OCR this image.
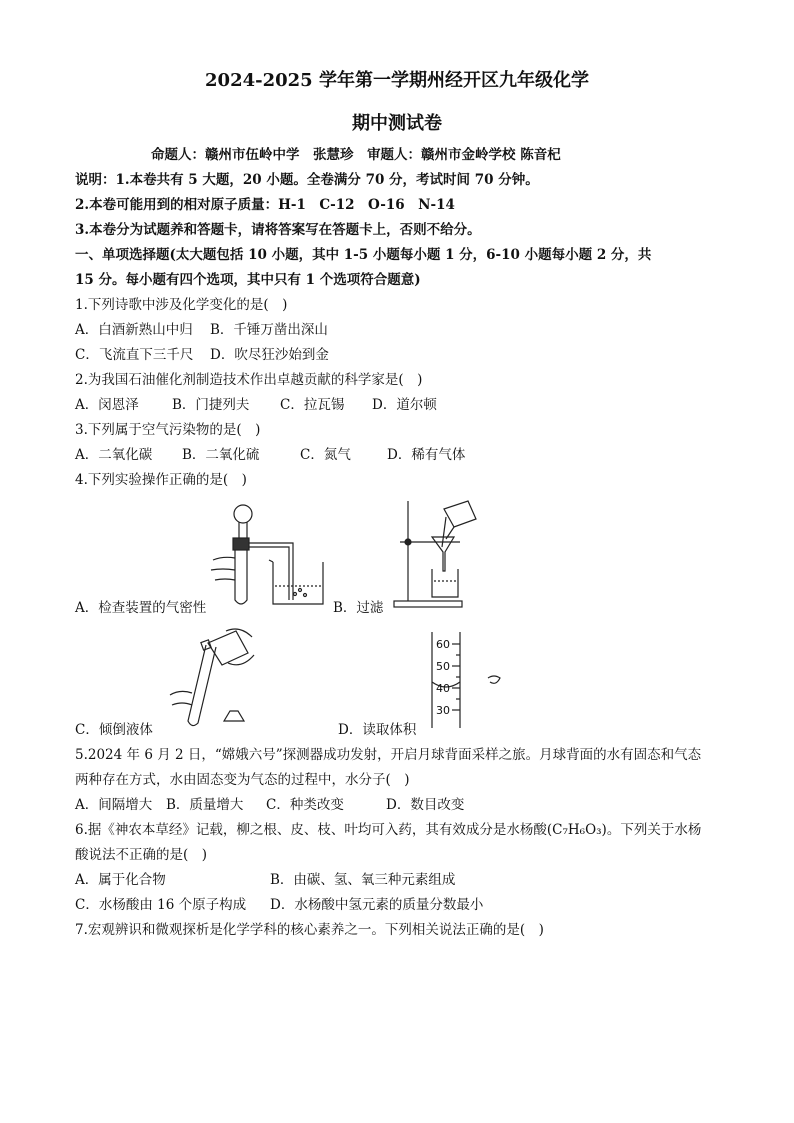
2024-2025 学年第一学期州经开区九年级化学
期中测试卷
命题人：赣州市伍岭中学　张慧珍　审题人：赣州市金岭学校 陈音杞
说明：1.本卷共有 5 大题，20 小题。全卷满分 70 分，考试时间 70 分钟。
2.本卷可能用到的相对原子质量：H-1　C-12　O-16　N-14
3.本卷分为试题养和答题卡，请将答案写在答题卡上，否则不给分。
一、单项选择题(太大题包括 10 小题，其中 1-5 小题每小题 1 分，6-10 小题每小题 2 分，共
15 分。每小题有四个选项，其中只有 1 个选项符合题意)
1.下列诗歌中涉及化学变化的是(　)
A．白酒新熟山中归 B．千锤万凿出深山
C．飞流直下三千尺 D．吹尽狂沙始到金
2.为我国石油催化剂制造技术作出卓越贡献的科学家是(　)
A．闵恩泽 B．门捷列夫 C．拉瓦锡 D．道尔顿
3.下列属于空气污染物的是(　)
A．二氧化碳 B．二氧化硫	C．氮气	D．稀有气体
4.下列实验操作正确的是(　)
A．检查装置的气密性	B．过滤
C．倾倒液体
60
50
40
30
D．读取体积
5.2024 年 6 月 2 日，“嫦娥六号”探测器成功发射，开启月球背面采样之旅。月球背面的水有固态和气态
两种存在方式，水由固态变为气态的过程中，水分子(　)
A．间隔增大 B．质量增大 C．种类改变	D．数目改变
6.据《神农本草经》记载，柳之根、皮、枝、叶均可入药，其有效成分是水杨酸(C₇H₆O₃)。下列关于水杨
酸说法不正确的是(　)
A．属于化合物	B．由碳、氢、氧三种元素组成
C．水杨酸由 16 个原子构成 D．水杨酸中氢元素的质量分数最小
7.宏观辨识和微观探析是化学学科的核心素养之一。下列相关说法正确的是(　)
